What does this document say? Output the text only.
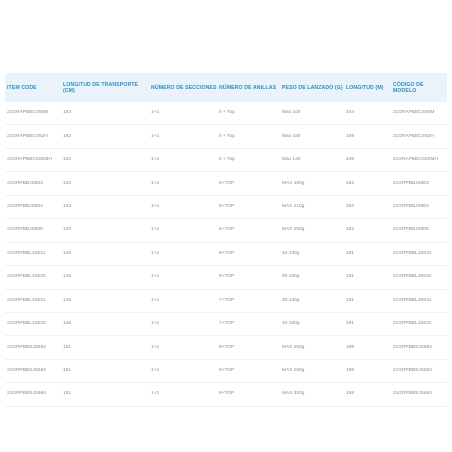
ITEM CODE	LONGITUD DE TRANSPORTE (CM)	NÚMERO DE SECCIONES	NÚMERO DE ANILLAS	PESO DE LANZADO (G)	LONGITUD (M)	CÓDIGO DE MODELO
21GRAPBBCS80M	163	1+1	6 + Top	Max 100	244	21GRAPBBCS80M
21GRAPBBCS82H	162	1+1	6 + Top	Max 180	249	21GRAPBBCS82H
21GRAPBBCS82MH	162	1+1	6 + Top	Max 120	249	21GRAPBBCS82MH
21GRPBBJS803	133	1+1	6+TOP	MAX 180g	163	21GRPBBJS803
21GRPBBJS804	133	1+1	6+TOP	MAX 210g	163	21GRPBBJS804
21GRPBBJS805	133	1+1	6+TOP	MAX 250g	163	21GRPBBJS805
21GRPBBLJS631	146	1+1	9+TOP	40-130g	191	21GRPBBLJS631
21GRPBBLJS632	146	1+1	9+TOP	50-160g	191	21GRPBBLJS632
21GRPBBLJS631	146	1+1	7+TOP	30-130g	191	21GRPBBLJS631
21GRPBBLJS632	146	1+1	7+TOP	40-160g	191	21GRPBBLJS632
21GRPBBSJS662	151	1+1	9+TOP	MAX 200g	198	21GRPBBSJS662
21GRPBBSJS663	151	1+1	9+TOP	MAX 250g	198	21GRPBBSJS663
21GRPBBSJS664	151	1+1	9+TOP	MAX 330g	198	21GRPBBSJS664
